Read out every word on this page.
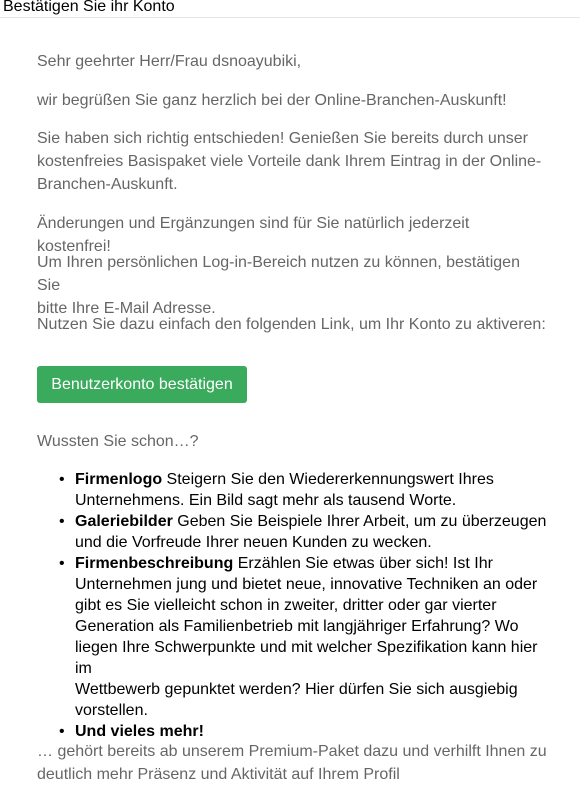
Bestätigen Sie ihr Konto

Sehr geehrter Herr/Frau dsnoayubiki,

wir begrüßen Sie ganz herzlich bei der Online-Branchen-Auskunft!

Sie haben sich richtig entschieden! Genießen Sie bereits durch unser
kostenfreies Basispaket viele Vorteile dank Ihrem Eintrag in der Online-
Branchen-Auskunft.

Änderungen und Ergänzungen sind für Sie natürlich jederzeit kostenfrei!

Um Ihren persönlichen Log-in-Bereich nutzen zu können, bestätigen Sie
bitte Ihre E-Mail Adresse.

Nutzen Sie dazu einfach den folgenden Link, um Ihr Konto zu aktiveren:

Benutzerkonto bestätigen

Wussten Sie schon…?

• Firmenlogo Steigern Sie den Wiedererkennungswert Ihres
Unternehmens. Ein Bild sagt mehr als tausend Worte.
• Galeriebilder Geben Sie Beispiele Ihrer Arbeit, um zu überzeugen
und die Vorfreude Ihrer neuen Kunden zu wecken.
• Firmenbeschreibung Erzählen Sie etwas über sich! Ist Ihr
Unternehmen jung und bietet neue, innovative Techniken an oder
gibt es Sie vielleicht schon in zweiter, dritter oder gar vierter
Generation als Familienbetrieb mit langjähriger Erfahrung? Wo
liegen Ihre Schwerpunkte und mit welcher Spezifikation kann hier im
Wettbewerb gepunktet werden? Hier dürfen Sie sich ausgiebig
vorstellen.
• Und vieles mehr!
… gehört bereits ab unserem Premium-Paket dazu und verhilft Ihnen zu
deutlich mehr Präsenz und Aktivität auf Ihrem Profil
